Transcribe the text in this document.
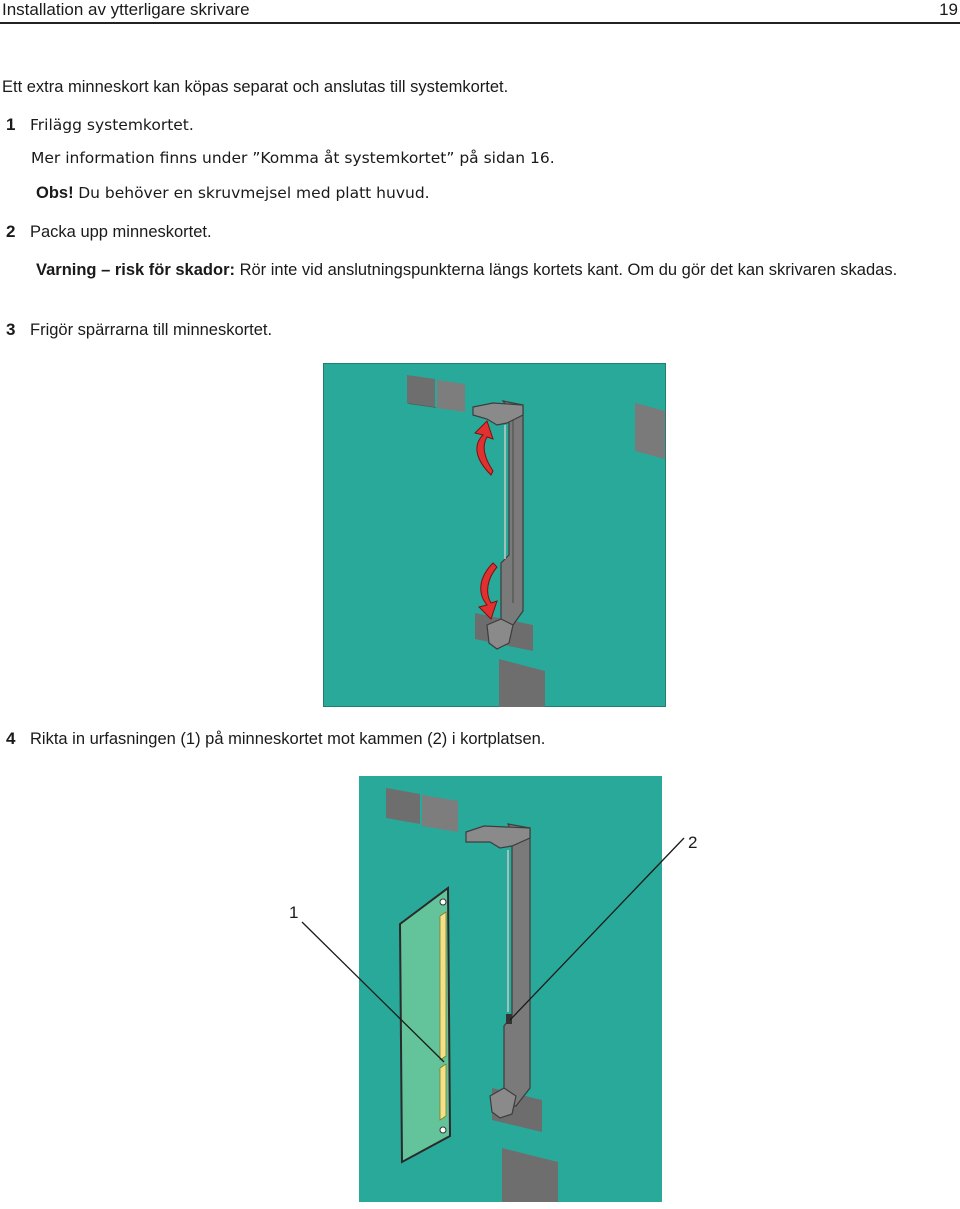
Installation av ytterligare skrivare	19
Ett extra minneskort kan köpas separat och anslutas till systemkortet.
1 Frilägg systemkortet.
Mer information finns under ”Komma åt systemkortet” på sidan 16.
Obs! Du behöver en skruvmejsel med platt huvud.
2 Packa upp minneskortet.
Varning – risk för skador: Rör inte vid anslutningspunkterna längs kortets kant. Om du gör det kan skrivaren skadas.
3 Frigör spärrarna till minneskortet.
4 Rikta in urfasningen (1) på minneskortet mot kammen (2) i kortplatsen.
1
2
